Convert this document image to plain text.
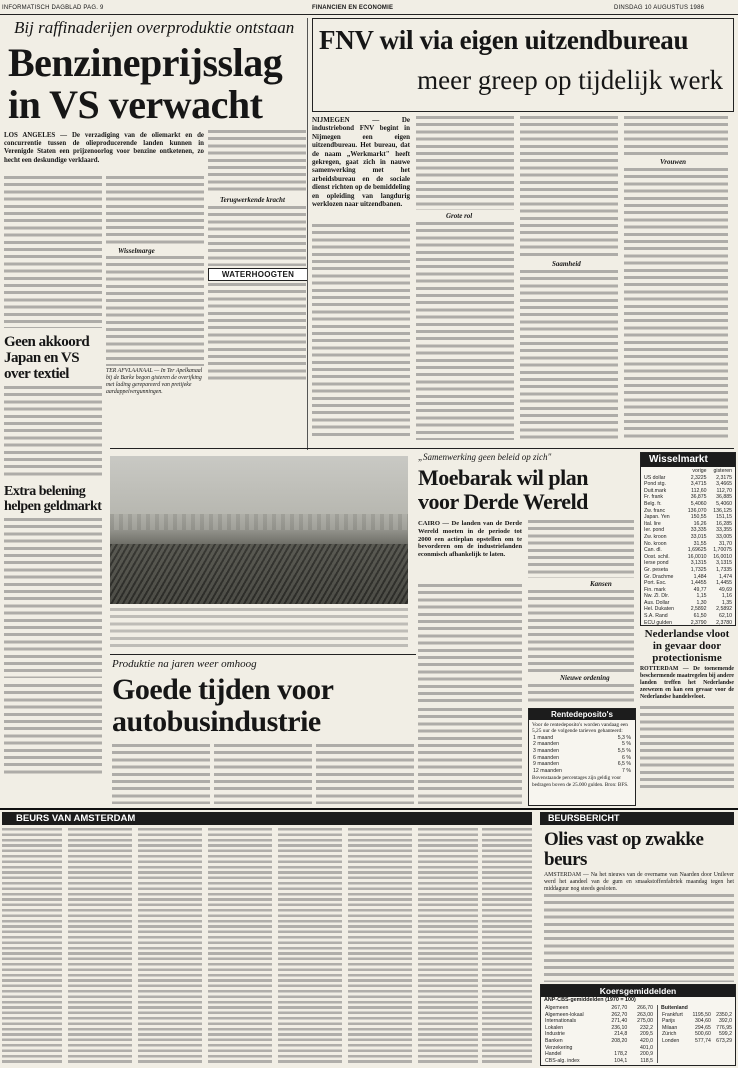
INFORMATISCH DAGBLAD PAG. 9	FINANCIEN EN ECONOMIE	DINSDAG 10 AUGUSTUS 1986
Bij raffinaderijen overproduktie ontstaan
Benzineprijsslag
in VS verwacht
LOS ANGELES — De verzadiging van de oliemarkt en de concurrentie tussen de olieproducerende landen kunnen in Verenigde Staten een prijzenoorlog voor benzine ontketenen, zo hecht een deskundige verklaard.
Wisselmarge
Terugwerkende kracht
WATERHOOGTEN
TER AFVLAANAAL — In Ter Apelkanaal bij de Barke begon gisteren de overijking met lading gerepareerd van pretijeke aardappelvergunningen.
Geen akkoord Japan en VS over textiel
Extra belening helpen geldmarkt
FNV wil via eigen uitzendbureau
meer greep op tijdelijk werk
NIJMEGEN — De industriebond FNV begint in Nijmegen een eigen uitzendbureau. Het bureau, dat de naam „Werkmarkt" heeft gekregen, gaat zich in nauwe samenwerking met het arbeidsbureau en de sociale dienst richten op de bemiddeling en opleiding van langdurig werklozen naar uitzendbanen.
Grote rol
Saamheid
Vrouwen
„Samenwerking geen beleid op zich"
Moebarak wil plan
voor Derde Wereld
CAIRO — De landen van de Derde Wereld moeten in de periode tot 2000 een actieplan opstellen om te bevorderen om de industrielanden econmisch afhankelijk te laten.
Kansen
Nieuwe ordening
Wisselmarkt
	vorige	gisteren
US dollar	2,3225	2,3175
Pond stg.	3,4715	3,4665
Duit.mark	112,60	112,70
Fr. frank	36,875	36,885
Belg. fr.	5,4060	5,4060
Zw. franc	136,070	136,125
Japan. Yen	150,55	151,15
Ital. lire	16,26	16,285
Ier. pond	33,335	33,355
Zw. kroon	33,015	33,005
No. kroon	31,55	31,70
Can. dl.	1,69625	1,70075
Oost. schil.	16,0010	16,0010
Ierse pond	3,1315	3,1315
Gr. peseta	1,7325	1,7335
Gr. Drachme	1,484	1,474
Port. Esc.	1,4455	1,4455
Fin. mark	49,77	49,69
Nw. Zl. Dlr.	1,15	1,16
Aus. Dollar	1,30	1,35
Hel. Dukaten	2,5892	2,5892
S.A. Rand	61,50	62,10
ECU gulden	2,3790	2,3780
Nederlandse vloot in gevaar door protectionisme
ROTTERDAM — De toenemende beschermende maatregelen bij andere landen treffen het Nederlandse zeewezen en kan een gevaar voor de Nederlandse handelsvloot.
Rentedeposito's
Voor de rentedeposito's worden vandaag een 5,25 uur de volgende tarieven gehanteerd:
1 maand	5,3 %
2 maanden	5 %
3 maanden	5,5 %
6 maanden	6 %
9 maanden	6,5 %
12 maanden	7 %
Bovenstaande percentages zijn geldig voor bedragen boven de 25.000 gulden. Bron: BFS.
Produktie na jaren weer omhoog
Goede tijden voor
autobusindustrie
BEURS VAN AMSTERDAM	BEURSBERICHT
Olies vast op zwakke
beurs
AMSTERDAM — Na het nieuws van de overname van Naarden door Unilever werd het aandeel van de gum en smaakstoffenfabriek maandag tegen het middaguur nog steeds gesloten.
Koersgemiddelden
ANP-CBS-gemiddelden (1970 = 100)
Algemeen	267,70	266,70
Algemeen-lokaal	262,70	263,00
Internationals	271,40	275,00
Lokalen	236,10	232,2
Industrie	214,8	209,5
Banken	208,20	420,0
Verzekering		401,0
Handel	178,2	200,9
CBS-alg. index	104,1	118,5
Buitenland
Frankfurt	1195,50	2350,2
Parijs	304,60	392,0
Milaan	294,65	776,95
Zürich	500,60	599,2
Londen	577,74	673,29
